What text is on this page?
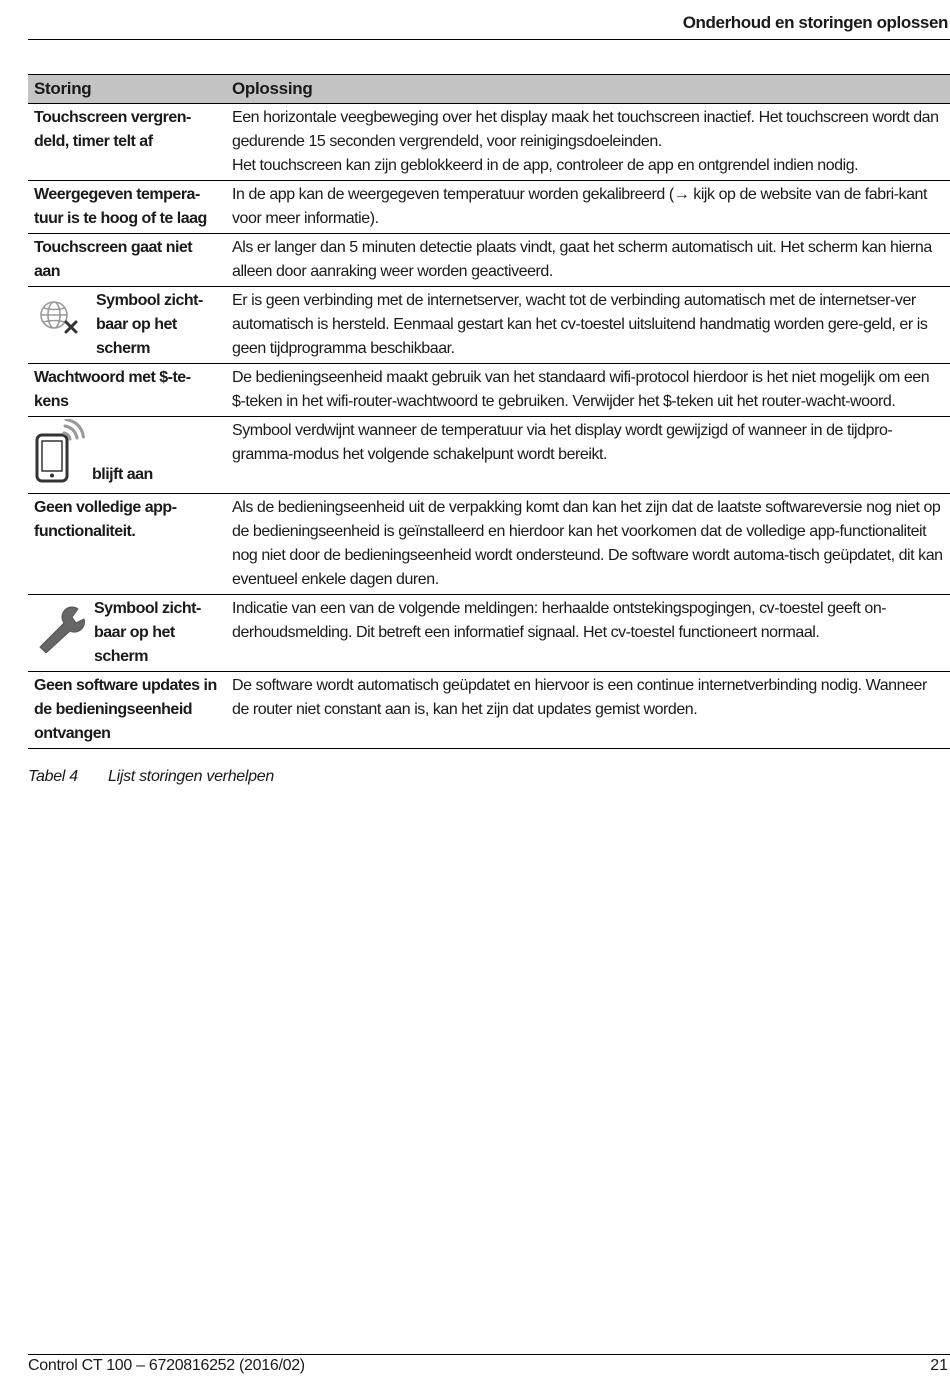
Onderhoud en storingen oplossen
Storing	Oplossing
Touchscreen vergren-deld, timer telt af	Een horizontale veegbeweging over het display maak het touchscreen inactief. Het touchscreen wordt dan gedurende 15 seconden vergrendeld, voor reinigingsdoeleinden.
Het touchscreen kan zijn geblokkeerd in de app, controleer de app en ontgrendel indien nodig.

Weergegeven tempera-tuur is te hoog of te laag	In de app kan de weergegeven temperatuur worden gekalibreerd (→ kijk op de website van de fabri-kant voor meer informatie).
Touchscreen gaat niet aan	Als er langer dan 5 minuten detectie plaats vindt, gaat het scherm automatisch uit. Het scherm kan hierna alleen door aanraking weer worden geactiveerd.

Symbool zicht-baar op het scherm	Er is geen verbinding met de internetserver, wacht tot de verbinding automatisch met de internetser-ver automatisch is hersteld. Eenmaal gestart kan het cv-toestel uitsluitend handmatig worden gere-geld, er is geen tijdprogramma beschikbaar.
Wachtwoord met $-te-kens	De bedieningseenheid maakt gebruik van het standaard wifi-protocol hierdoor is het niet mogelijk om een $-teken in het wifi-router-wachtwoord te gebruiken. Verwijder het $-teken uit het router-wacht-woord.

blijft aan	Symbool verdwijnt wanneer de temperatuur via het display wordt gewijzigd of wanneer in de tijdpro-gramma-modus het volgende schakelpunt wordt bereikt.
Geen volledige app-functionaliteit.	Als de bedieningseenheid uit de verpakking komt dan kan het zijn dat de laatste softwareversie nog niet op de bedieningseenheid is geïnstalleerd en hierdoor kan het voorkomen dat de volledige app-functionaliteit nog niet door de bedieningseenheid wordt ondersteund. De software wordt automa-tisch geüpdatet, dit kan eventueel enkele dagen duren.

Symbool zicht-baar op het scherm	Indicatie van een van de volgende meldingen: herhaalde ontstekingspogingen, cv-toestel geeft on-derhoudsmelding. Dit betreft een informatief signaal. Het cv-toestel functioneert normaal.
Geen software updates in de bedieningseenheid ontvangen	De software wordt automatisch geüpdatet en hiervoor is een continue internetverbinding nodig. Wanneer de router niet constant aan is, kan het zijn dat updates gemist worden.
Tabel 4 Lijst storingen verhelpen
Control CT 100 – 6720816252 (2016/02)	21
